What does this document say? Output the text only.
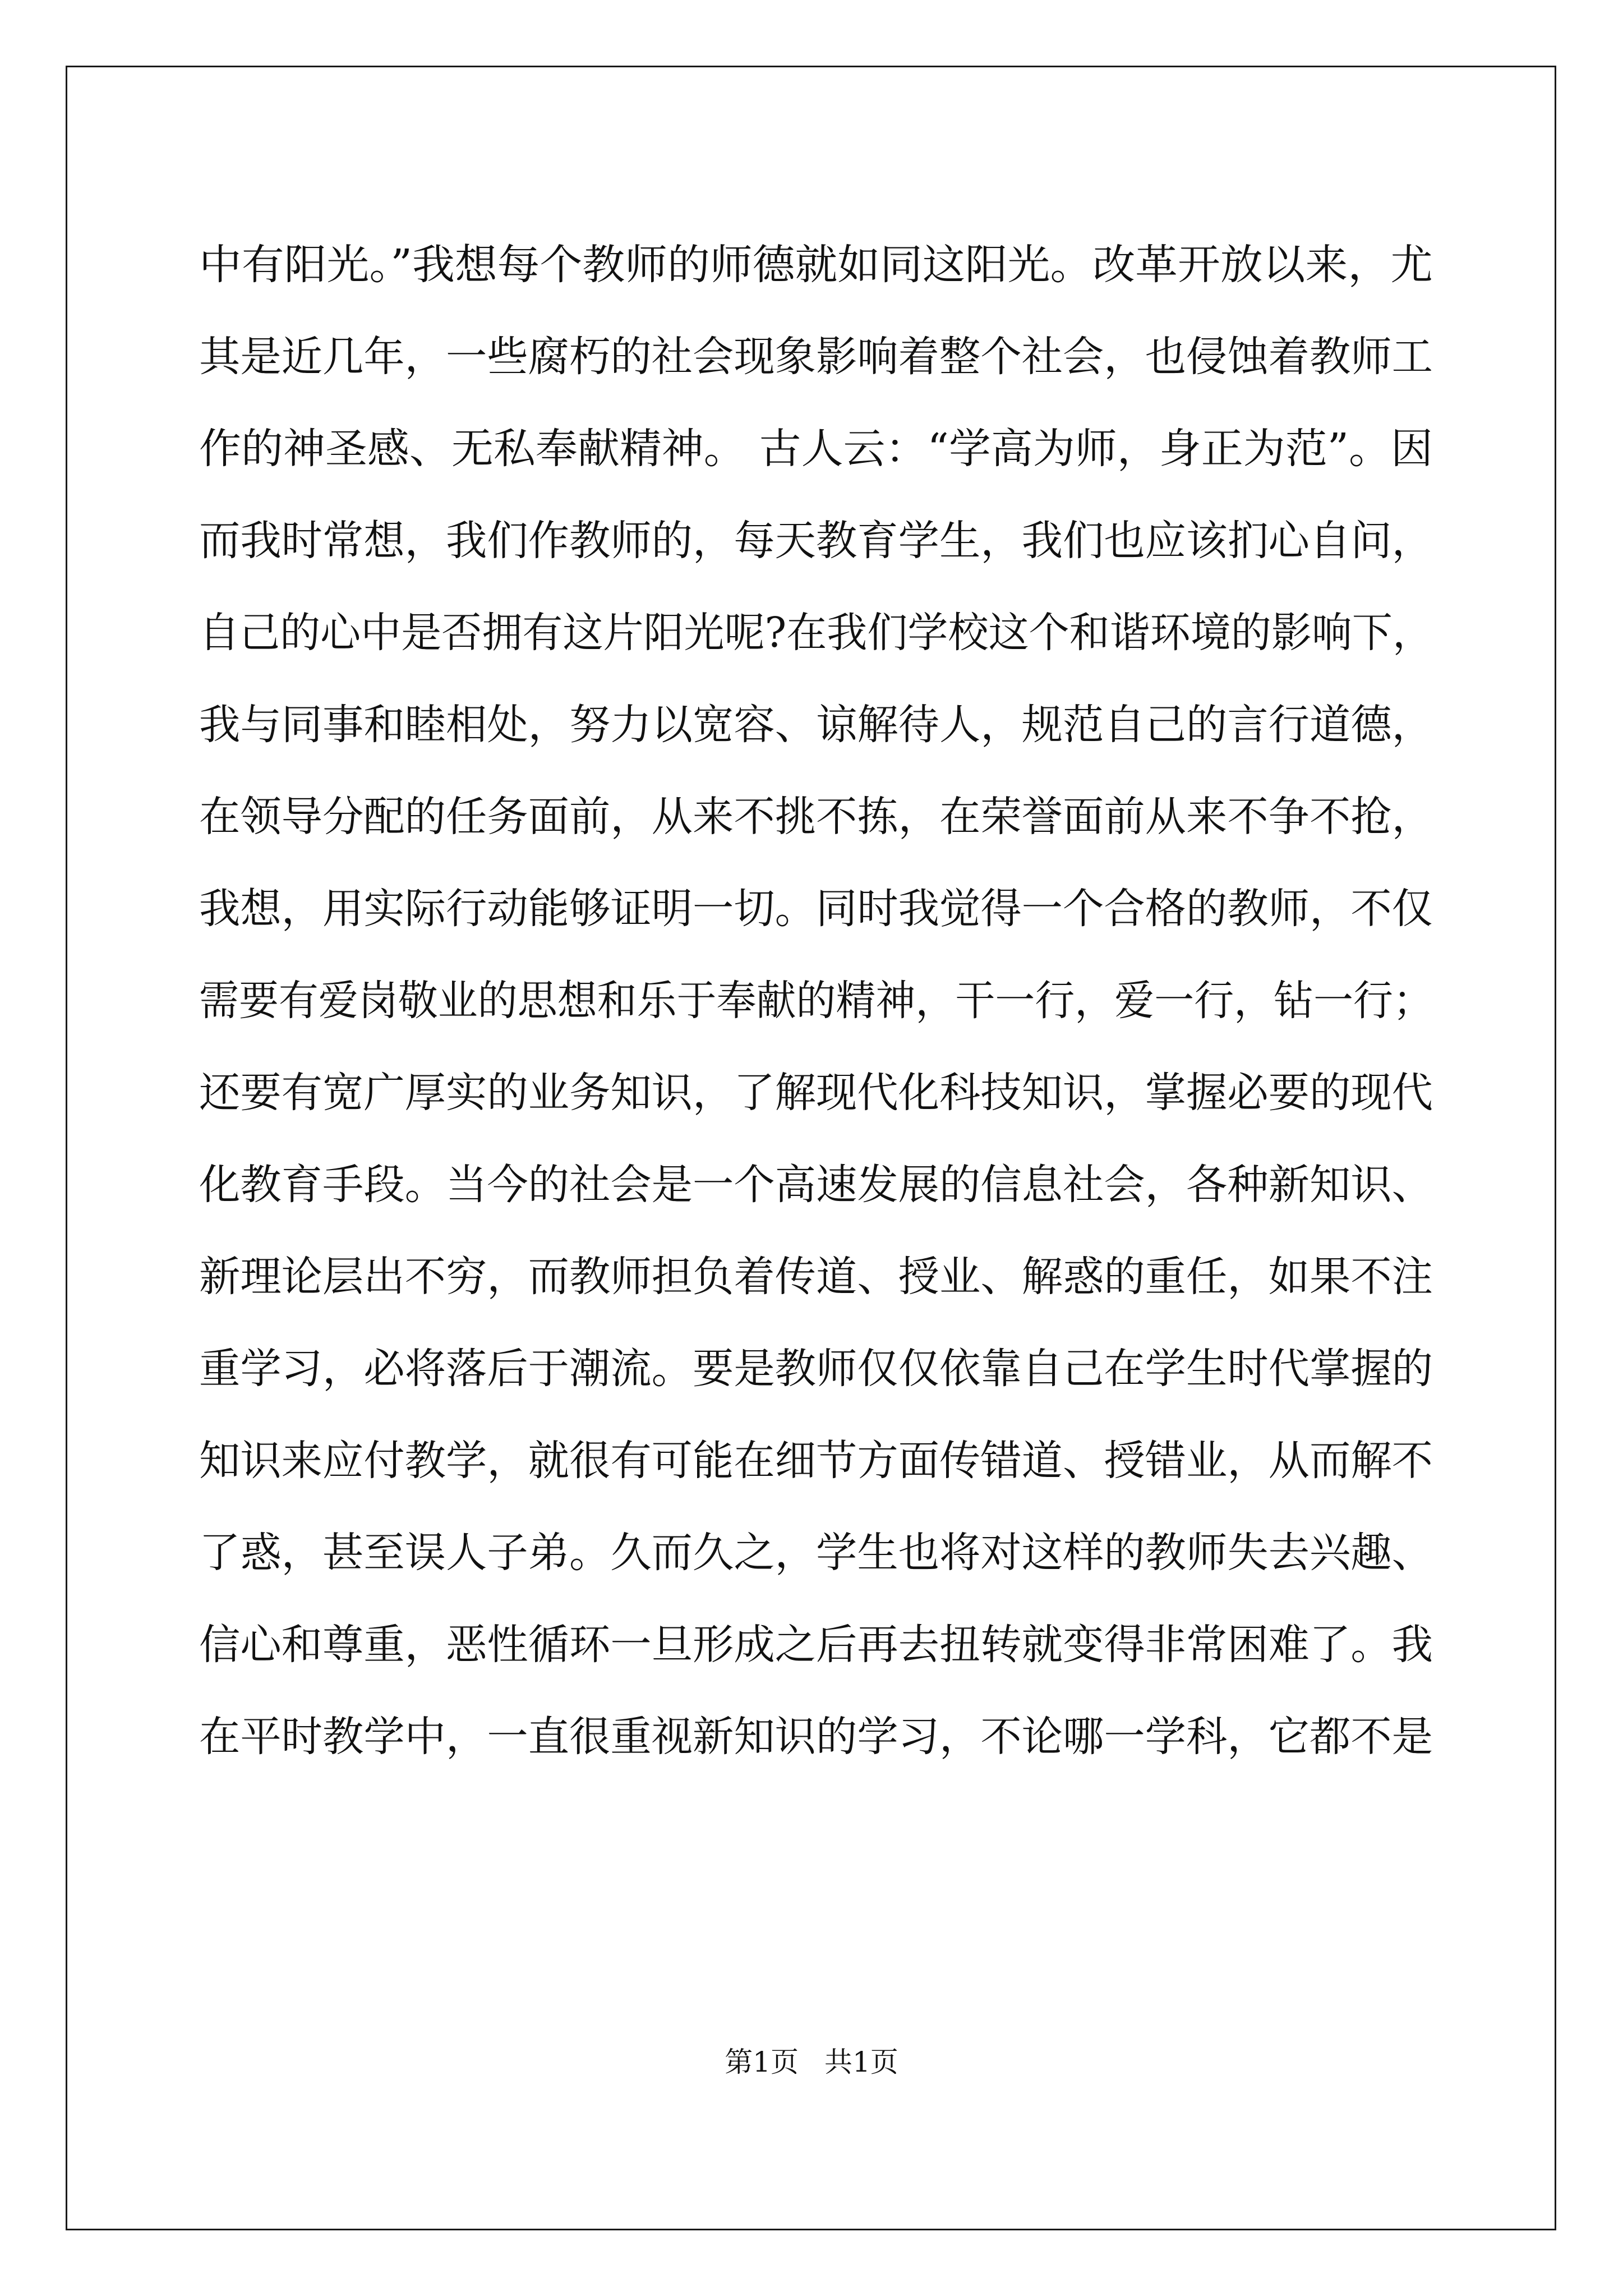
中有阳光。”我想每个教师的师德就如同这阳光。改革开放以来，尤
其是近几年，一些腐朽的社会现象影响着整个社会，也侵蚀着教师工
作的神圣感、无私奉献精神。 古人云：“学高为师，身正为范”。因
而我时常想，我们作教师的，每天教育学生，我们也应该扪心自问，
自己的心中是否拥有这片阳光呢?在我们学校这个和谐环境的影响下，
我与同事和睦相处，努力以宽容、谅解待人，规范自己的言行道德，
在领导分配的任务面前，从来不挑不拣，在荣誉面前从来不争不抢，
我想，用实际行动能够证明一切。同时我觉得一个合格的教师，不仅
需要有爱岗敬业的思想和乐于奉献的精神，干一行，爱一行，钻一行；
还要有宽广厚实的业务知识，了解现代化科技知识，掌握必要的现代
化教育手段。当今的社会是一个高速发展的信息社会，各种新知识、
新理论层出不穷，而教师担负着传道、授业、解惑的重任，如果不注
重学习，必将落后于潮流。要是教师仅仅依靠自己在学生时代掌握的
知识来应付教学，就很有可能在细节方面传错道、授错业，从而解不
了惑，甚至误人子弟。久而久之，学生也将对这样的教师失去兴趣、
信心和尊重，恶性循环一旦形成之后再去扭转就变得非常困难了。我
在平时教学中，一直很重视新知识的学习，不论哪一学科，它都不是
第1页 共1页
